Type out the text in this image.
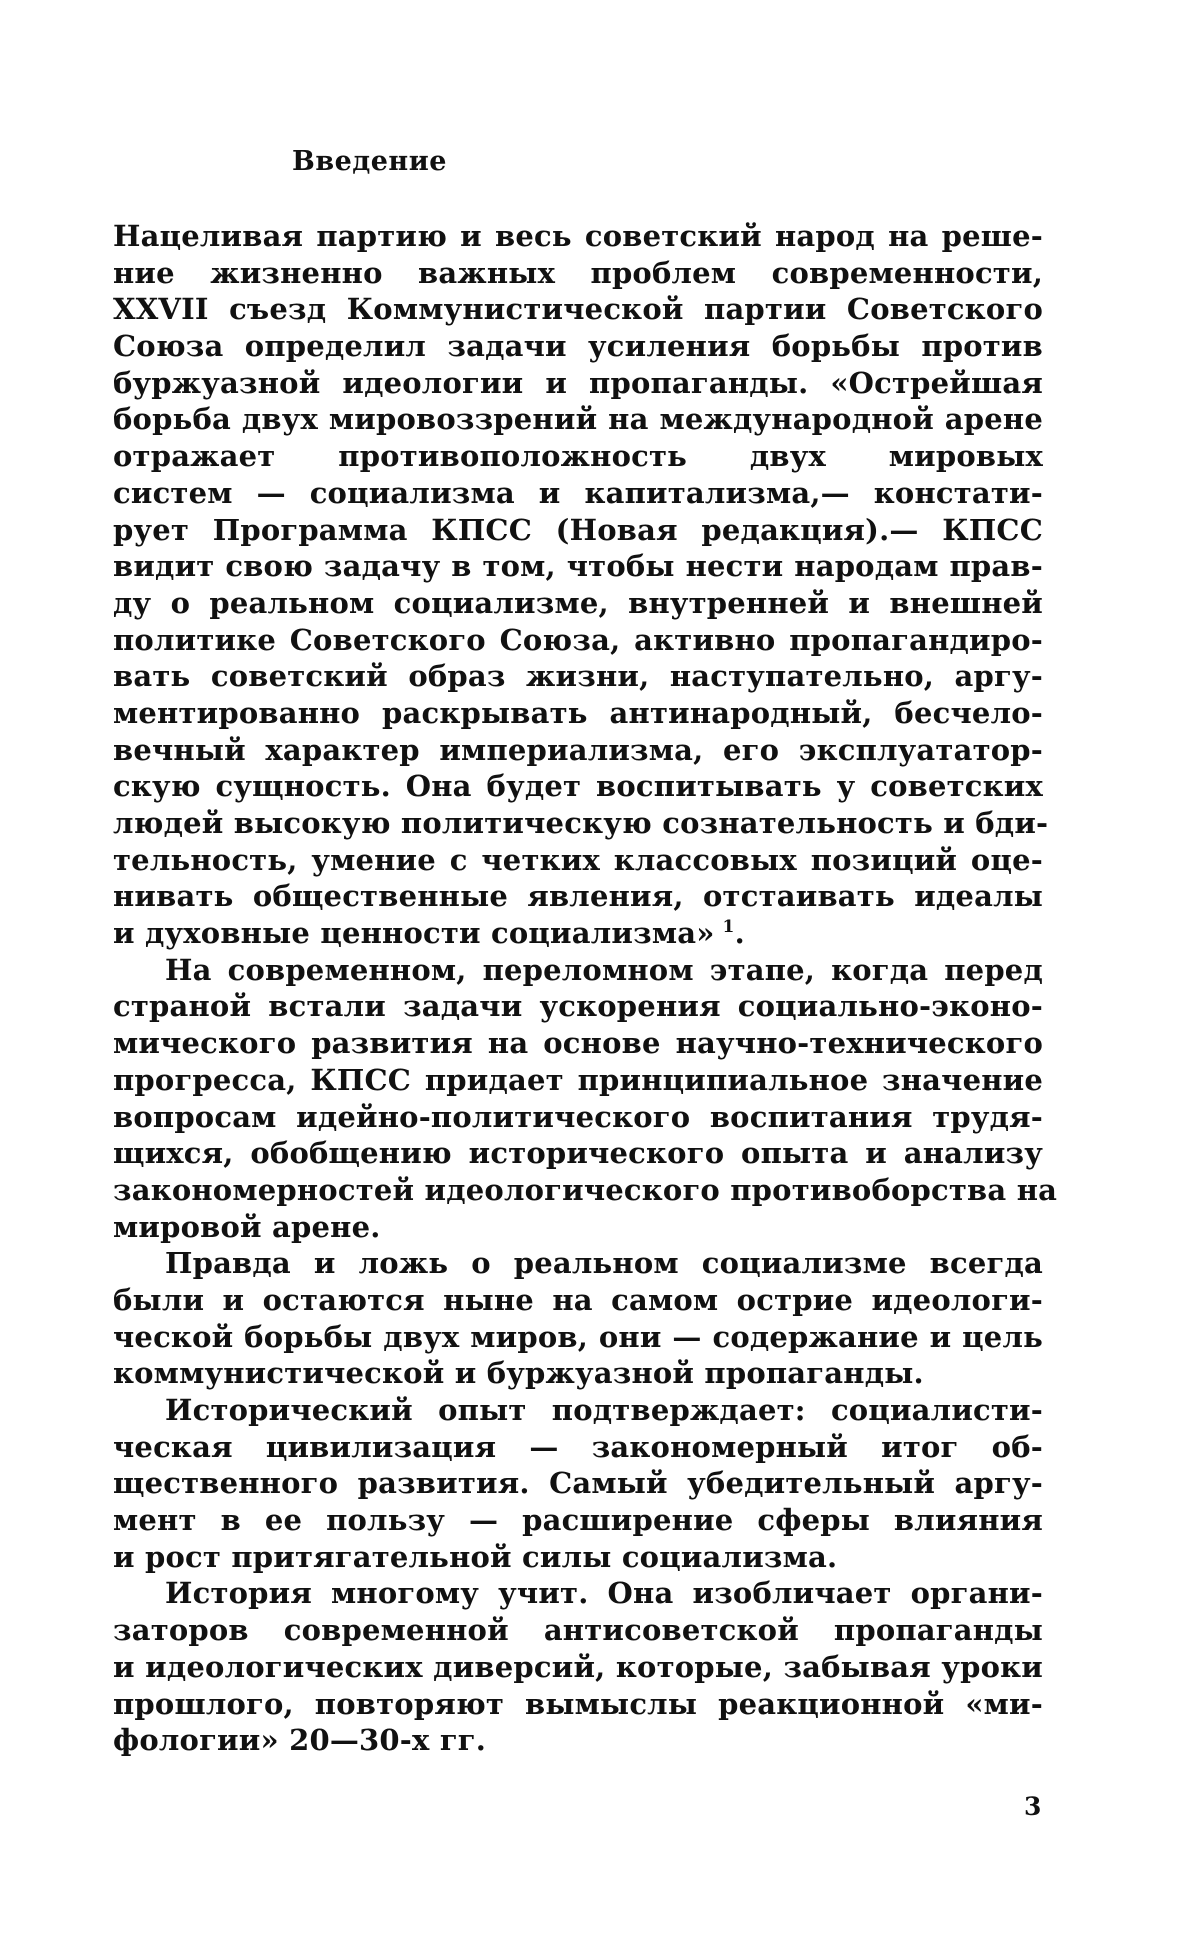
Введение
Нацеливая партию и весь советский народ на реше-
ние жизненно важных проблем современности,
XXVII съезд Коммунистической партии Советского
Союза определил задачи усиления борьбы против
буржуазной идеологии и пропаганды. «Острейшая
борьба двух мировоззрений на международной арене
отражает противоположность двух мировых
систем — социализма и капитализма,— констати-
рует Программа КПСС (Новая редакция).— КПСС
видит свою задачу в том, чтобы нести народам прав-
ду о реальном социализме, внутренней и внешней
политике Советского Союза, активно пропагандиро-
вать советский образ жизни, наступательно, аргу-
ментированно раскрывать антинародный, бесчело-
вечный характер империализма, его эксплуататор-
скую сущность. Она будет воспитывать у советских
людей высокую политическую сознательность и бди-
тельность, умение с четких классовых позиций оце-
нивать общественные явления, отстаивать идеалы
и духовные ценности социализма» $^1$.
На современном, переломном этапе, когда перед
страной встали задачи ускорения социально-эконо-
мического развития на основе научно-технического
прогресса, КПСС придает принципиальное значение
вопросам идейно-политического воспитания трудя-
щихся, обобщению исторического опыта и анализу
закономерностей идеологического противоборства на
мировой арене.
Правда и ложь о реальном социализме всегда
были и остаются ныне на самом острие идеологи-
ческой борьбы двух миров, они — содержание и цель
коммунистической и буржуазной пропаганды.
Исторический опыт подтверждает: социалисти-
ческая цивилизация — закономерный итог об-
щественного развития. Самый убедительный аргу-
мент в ее пользу — расширение сферы влияния
и рост притягательной силы социализма.
История многому учит. Она изобличает органи-
заторов современной антисоветской пропаганды
и идеологических диверсий, которые, забывая уроки
прошлого, повторяют вымыслы реакционной «ми-
фологии» 20—30-х гг.
3
